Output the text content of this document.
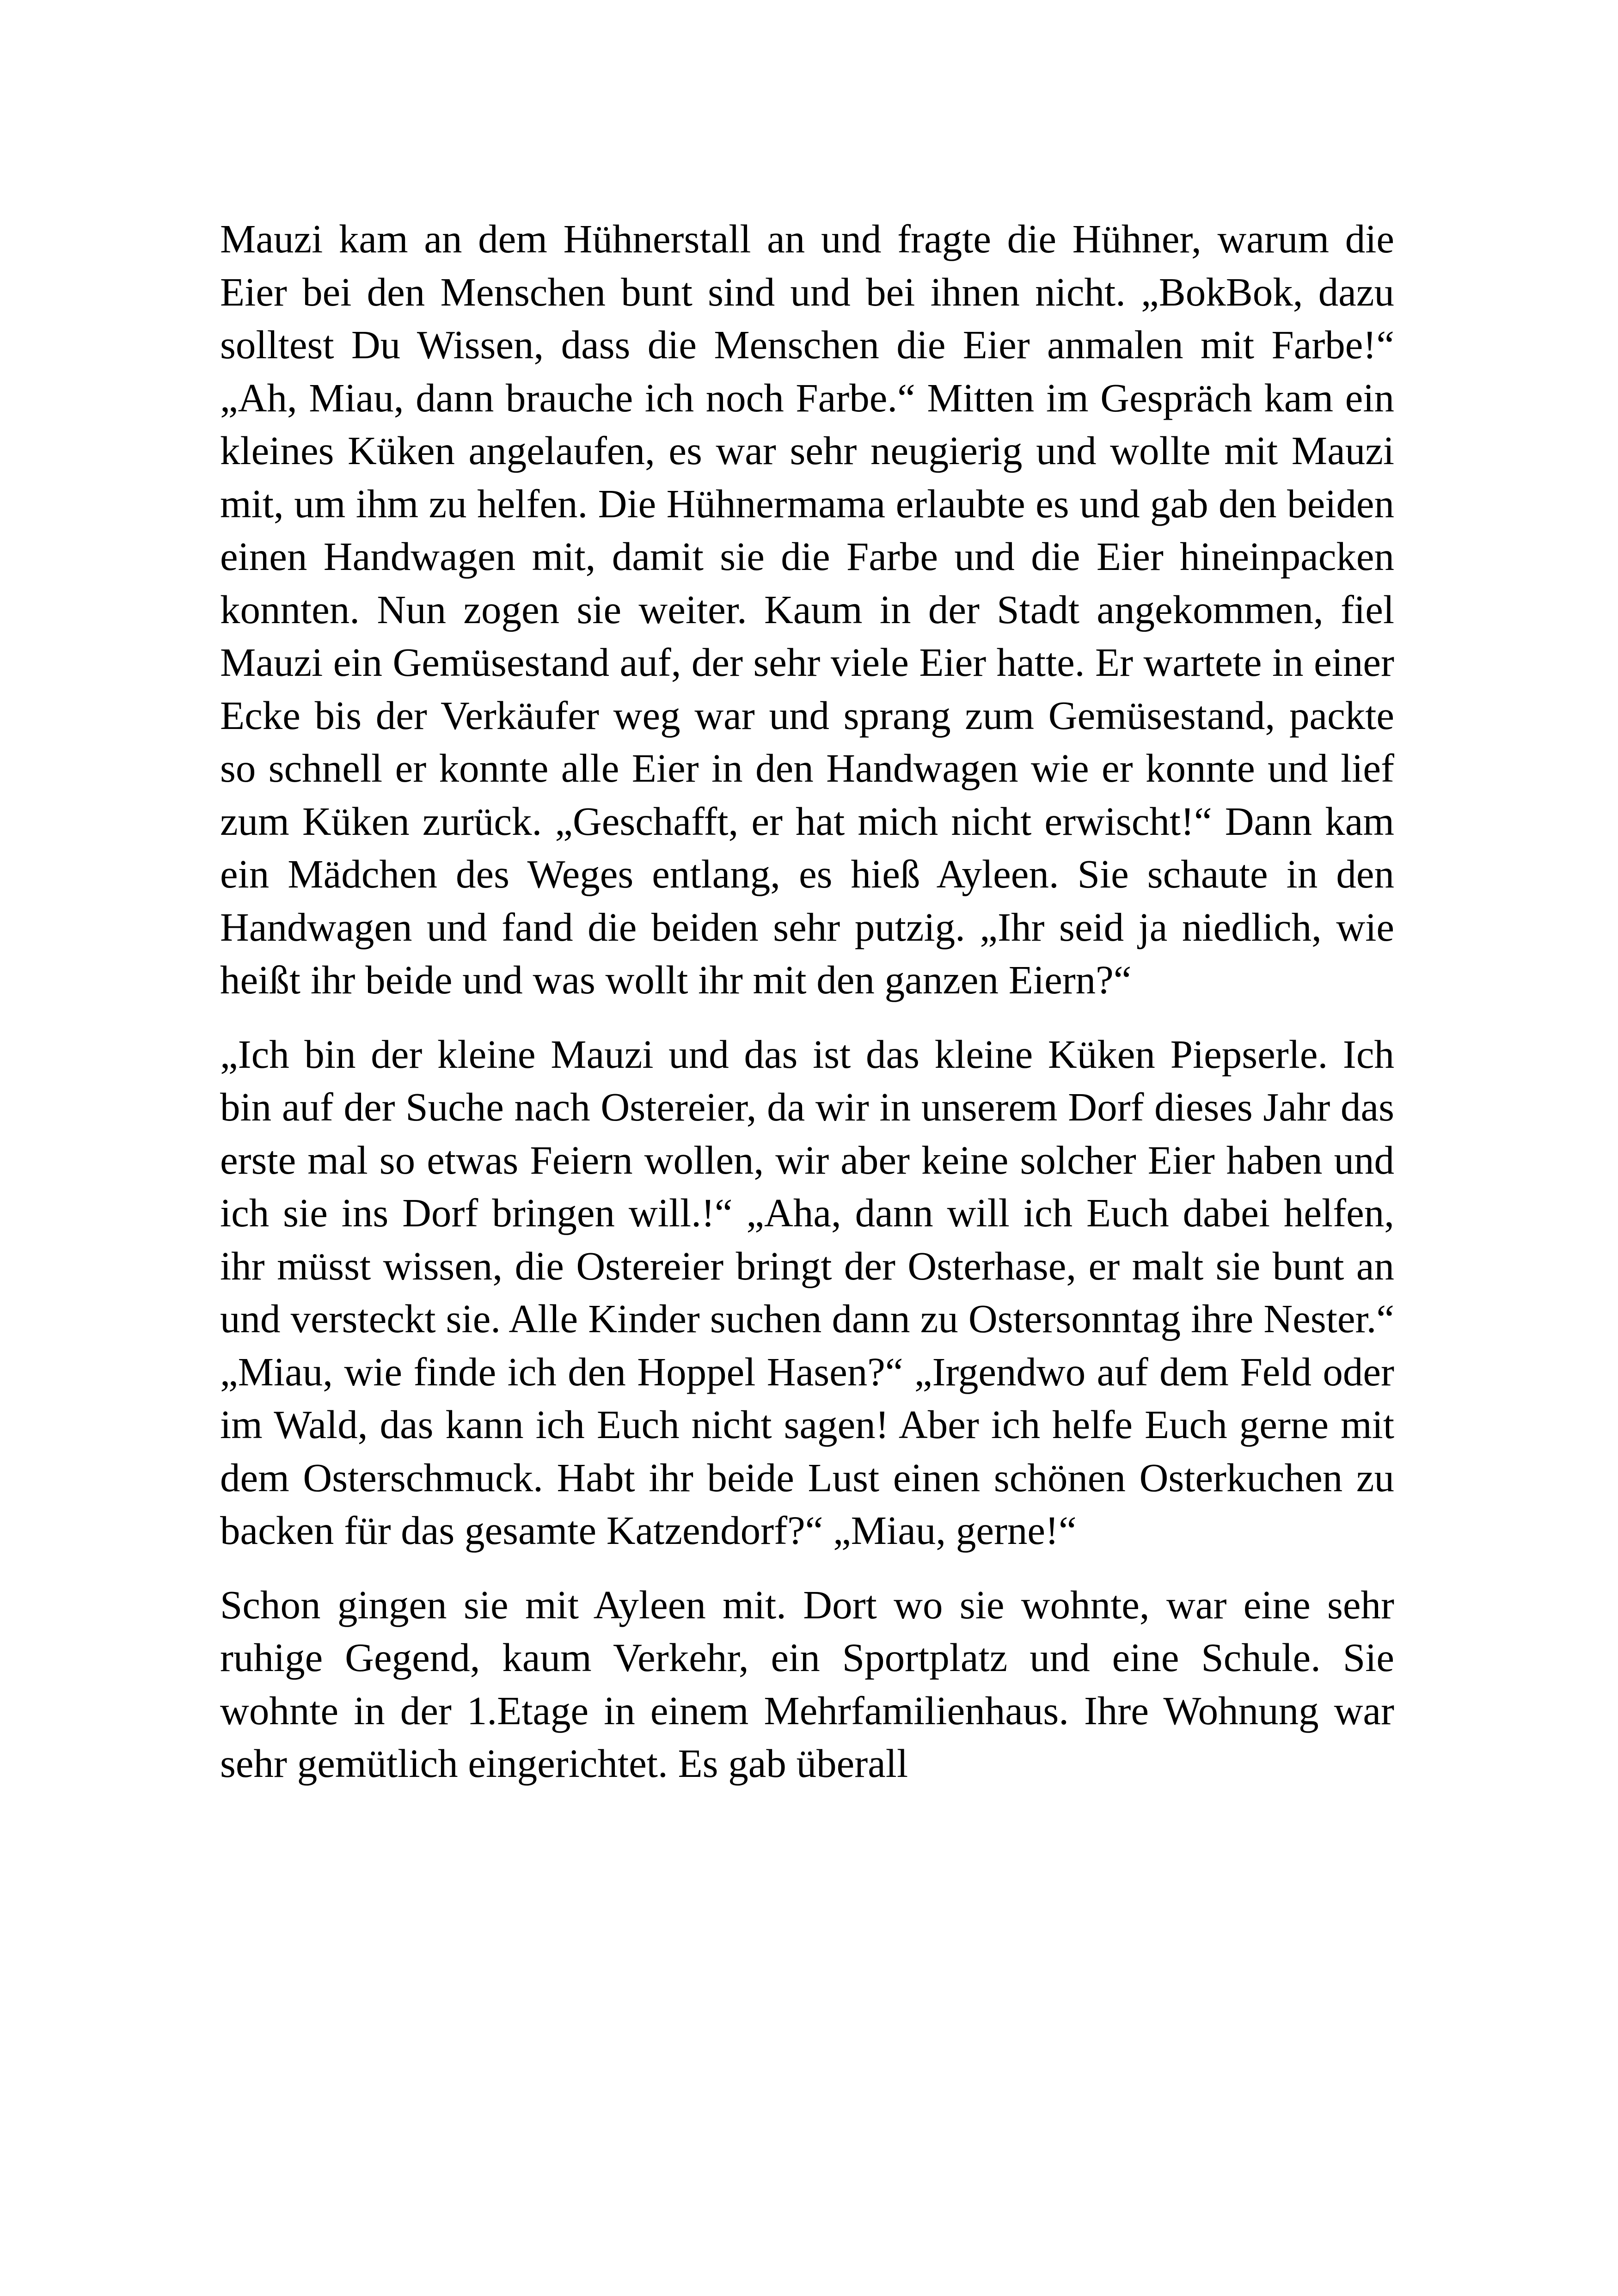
Mauzi kam an dem Hühnerstall an und fragte die Hühner, warum die Eier bei den Menschen bunt sind und bei ihnen nicht. „BokBok, dazu solltest Du Wissen, dass die Menschen die Eier anmalen mit Farbe!“ „Ah, Miau, dann brauche ich noch Farbe.“ Mitten im Gespräch kam ein kleines Küken angelaufen, es war sehr neugierig und wollte mit Mauzi mit, um ihm zu helfen. Die Hühnermama erlaubte es und gab den beiden einen Handwagen mit, damit sie die Farbe und die Eier hineinpacken konnten. Nun zogen sie weiter. Kaum in der Stadt angekommen, fiel Mauzi ein Gemüsestand auf, der sehr viele Eier hatte. Er wartete in einer Ecke bis der Verkäufer weg war und sprang zum Gemüsestand, packte so schnell er konnte alle Eier in den Handwagen wie er konnte und lief zum Küken zurück. „Geschafft, er hat mich nicht erwischt!“ Dann kam ein Mädchen des Weges entlang, es hieß Ayleen. Sie schaute in den Handwagen und fand die beiden sehr putzig. „Ihr seid ja niedlich, wie heißt ihr beide und was wollt ihr mit den ganzen Eiern?“

„Ich bin der kleine Mauzi und das ist das kleine Küken Piepserle. Ich bin auf der Suche nach Ostereier, da wir in unserem Dorf dieses Jahr das erste mal so etwas Feiern wollen, wir aber keine solcher Eier haben und ich sie ins Dorf bringen will.!“ „Aha, dann will ich Euch dabei helfen, ihr müsst wissen, die Ostereier bringt der Osterhase, er malt sie bunt an und versteckt sie. Alle Kinder suchen dann zu Ostersonntag ihre Nester.“ „Miau, wie finde ich den Hoppel Hasen?“ „Irgendwo auf dem Feld oder im Wald, das kann ich Euch nicht sagen! Aber ich helfe Euch gerne mit dem Osterschmuck. Habt ihr beide Lust einen schönen Osterkuchen zu backen für das gesamte Katzendorf?“ „Miau, gerne!“

Schon gingen sie mit Ayleen mit. Dort wo sie wohnte, war eine sehr ruhige Gegend, kaum Verkehr, ein Sportplatz und eine Schule. Sie wohnte in der 1.Etage in einem Mehrfamilienhaus. Ihre Wohnung war sehr gemütlich eingerichtet. Es gab überall
